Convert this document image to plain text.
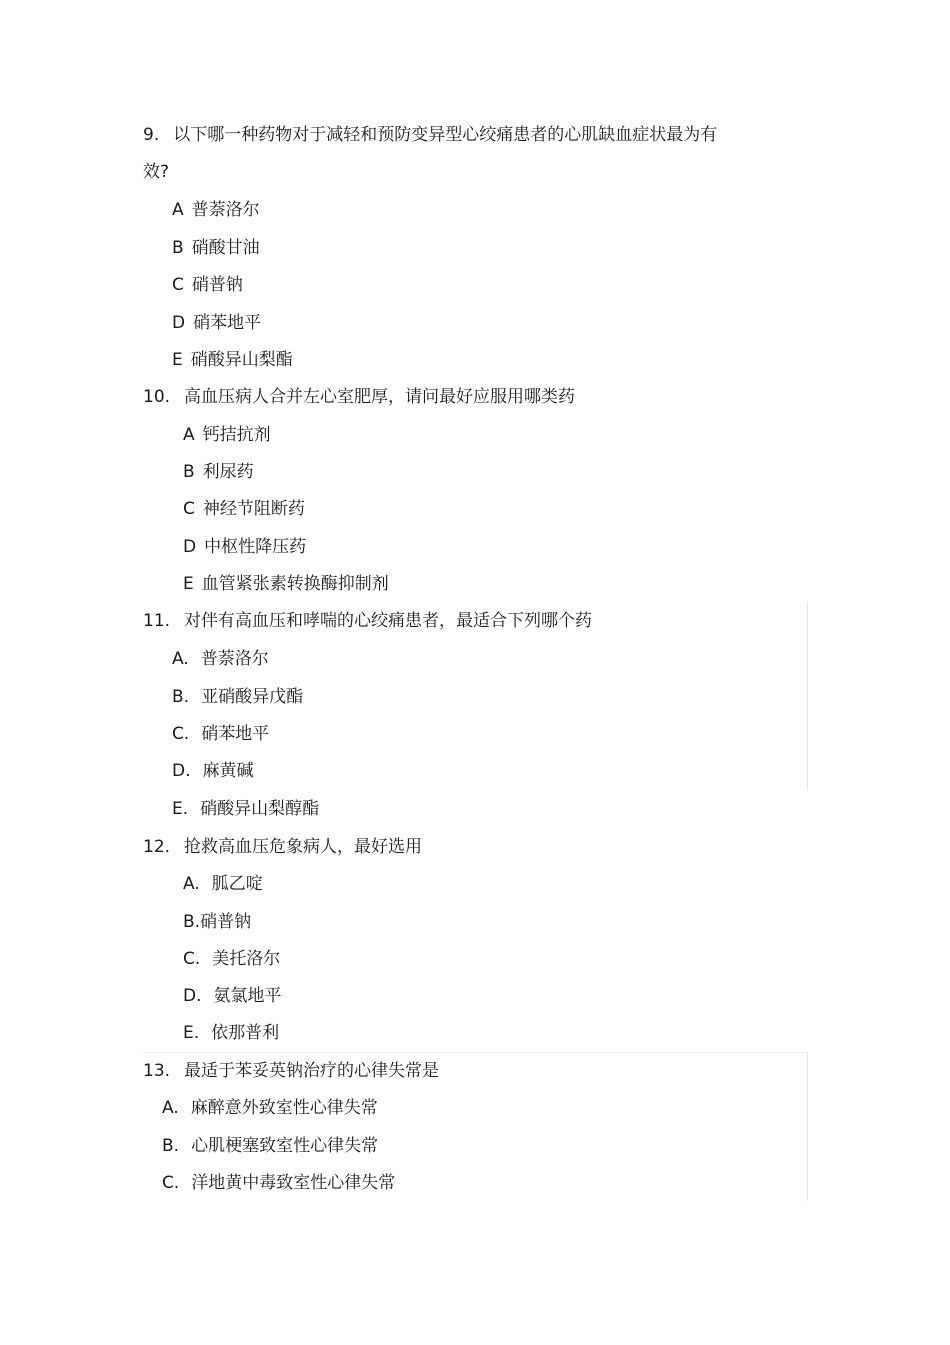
9. 以下哪一种药物对于减轻和预防变异型心绞痛患者的心肌缺血症状最为有
效?
A 普萘洛尔
B 硝酸甘油
C 硝普钠
D 硝苯地平
E 硝酸异山梨酯
10. 高血压病人合并左心室肥厚，请问最好应服用哪类药
A 钙拮抗剂
B 利尿药
C 神经节阻断药
D 中枢性降压药
E 血管紧张素转换酶抑制剂
11. 对伴有高血压和哮喘的心绞痛患者，最适合下列哪个药
A. 普萘洛尔
B. 亚硝酸异戊酯
C. 硝苯地平
D. 麻黄碱
E. 硝酸异山梨醇酯
12. 抢救高血压危象病人，最好选用
A. 胍乙啶
B.硝普钠
C. 美托洛尔
D. 氨氯地平
E. 依那普利
13. 最适于苯妥英钠治疗的心律失常是
A. 麻醉意外致室性心律失常
B. 心肌梗塞致室性心律失常
C. 洋地黄中毒致室性心律失常
